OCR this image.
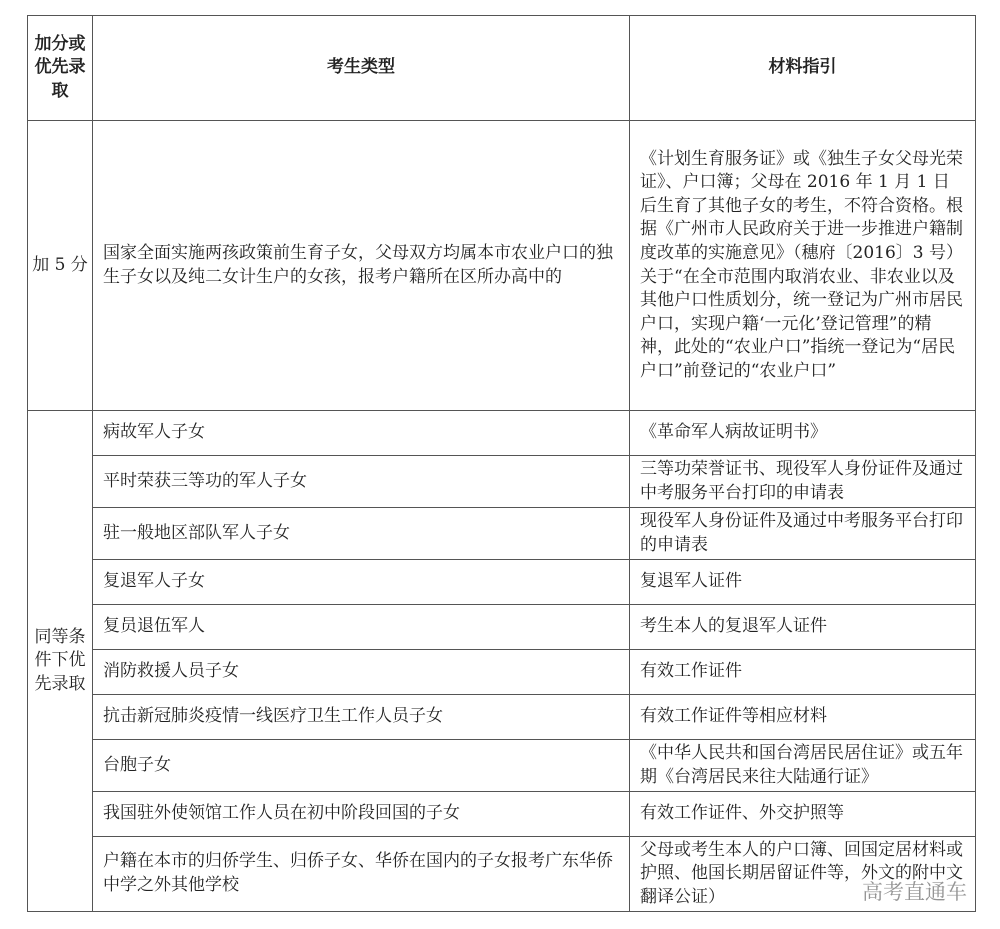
加分或优先录取	考生类型	材料指引
加 5 分	国家全面实施两孩政策前生育子女，父母双方均属本市农业户口的独生子女以及纯二女计生户的女孩，报考户籍所在区所办高中的	《计划生育服务证》或《独生子女父母光荣证》、户口簿；父母在 2016 年 1 月 1 日后生育了其他子女的考生，不符合资格。根据《广州市人民政府关于进一步推进户籍制度改革的实施意见》（穗府〔2016〕3 号）关于“在全市范围内取消农业、非农业以及其他户口性质划分，统一登记为广州市居民户口，实现户籍‘一元化’登记管理”的精神，此处的“农业户口”指统一登记为“居民户口”前登记的“农业户口”
同等条件下优先录取	病故军人子女	《革命军人病故证明书》
	平时荣获三等功的军人子女	三等功荣誉证书、现役军人身份证件及通过中考服务平台打印的申请表
	驻一般地区部队军人子女	现役军人身份证件及通过中考服务平台打印的申请表
	复退军人子女	复退军人证件
	复员退伍军人	考生本人的复退军人证件
	消防救援人员子女	有效工作证件
	抗击新冠肺炎疫情一线医疗卫生工作人员子女	有效工作证件等相应材料
	台胞子女	《中华人民共和国台湾居民居住证》或五年期《台湾居民来往大陆通行证》
	我国驻外使领馆工作人员在初中阶段回国的子女	有效工作证件、外交护照等
	户籍在本市的归侨学生、归侨子女、华侨在国内的子女报考广东华侨中学之外其他学校	父母或考生本人的户口簿、回国定居材料或护照、他国长期居留证件等，外文的附中文翻译公证）	高考直通车
